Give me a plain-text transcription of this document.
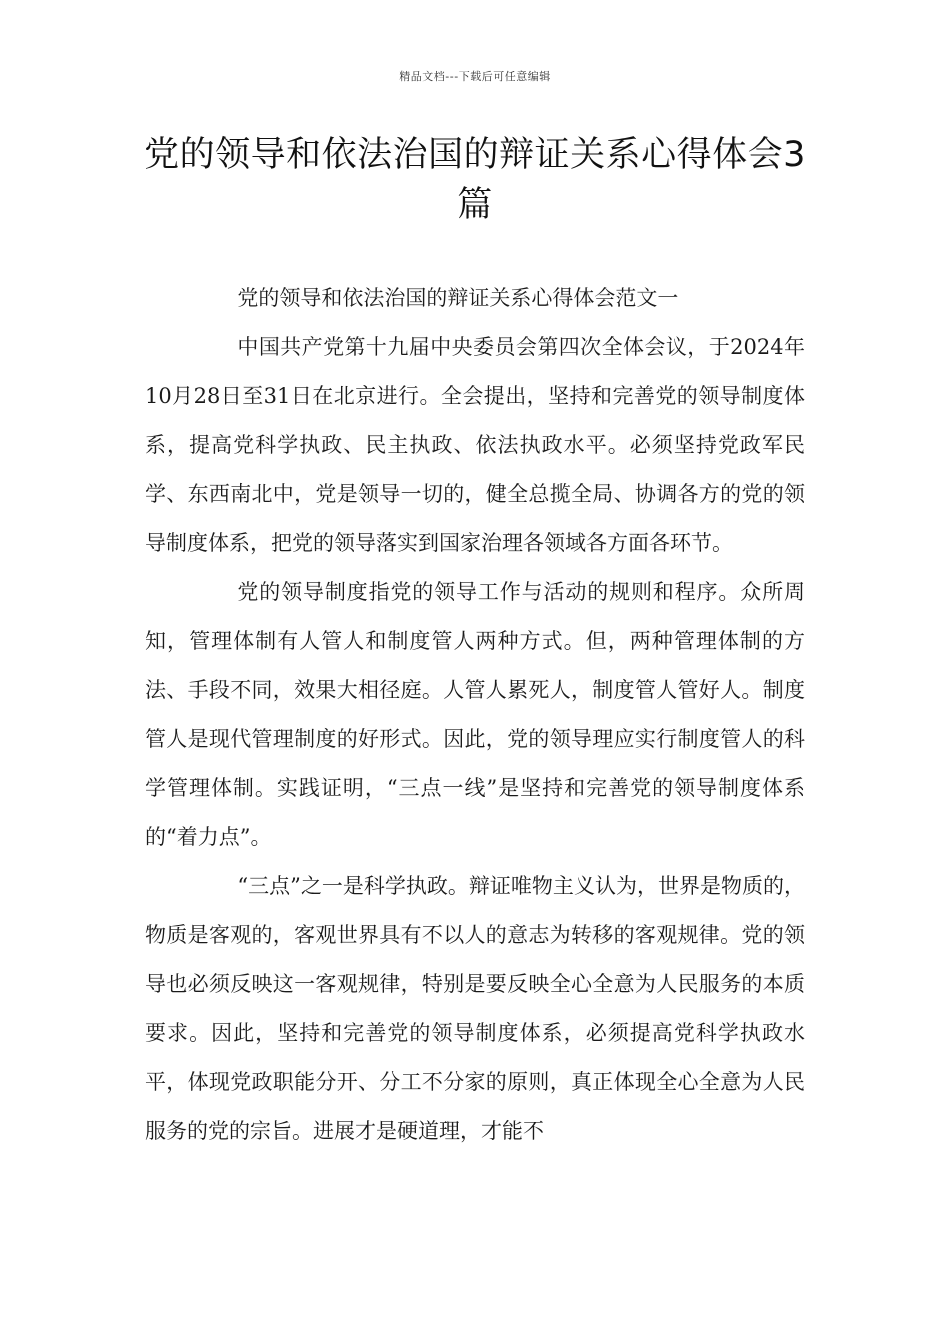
精品文档---下载后可任意编辑
党的领导和依法治国的辩证关系心得体会3篇

党的领导和依法治国的辩证关系心得体会范文一

中国共产党第十九届中央委员会第四次全体会议，于2024年10月28日至31日在北京进行。全会提出，坚持和完善党的领导制度体系，提高党科学执政、民主执政、依法执政水平。必须坚持党政军民学、东西南北中，党是领导一切的，健全总揽全局、协调各方的党的领导制度体系，把党的领导落实到国家治理各领域各方面各环节。

党的领导制度指党的领导工作与活动的规则和程序。众所周知，管理体制有人管人和制度管人两种方式。但，两种管理体制的方法、手段不同，效果大相径庭。人管人累死人，制度管人管好人。制度管人是现代管理制度的好形式。因此，党的领导理应实行制度管人的科学管理体制。实践证明，“三点一线”是坚持和完善党的领导制度体系的“着力点”。

“三点”之一是科学执政。辩证唯物主义认为，世界是物质的，物质是客观的，客观世界具有不以人的意志为转移的客观规律。党的领导也必须反映这一客观规律，特别是要反映全心全意为人民服务的本质要求。因此，坚持和完善党的领导制度体系，必须提高党科学执政水平，体现党政职能分开、分工不分家的原则，真正体现全心全意为人民服务的党的宗旨。进展才是硬道理，才能不
